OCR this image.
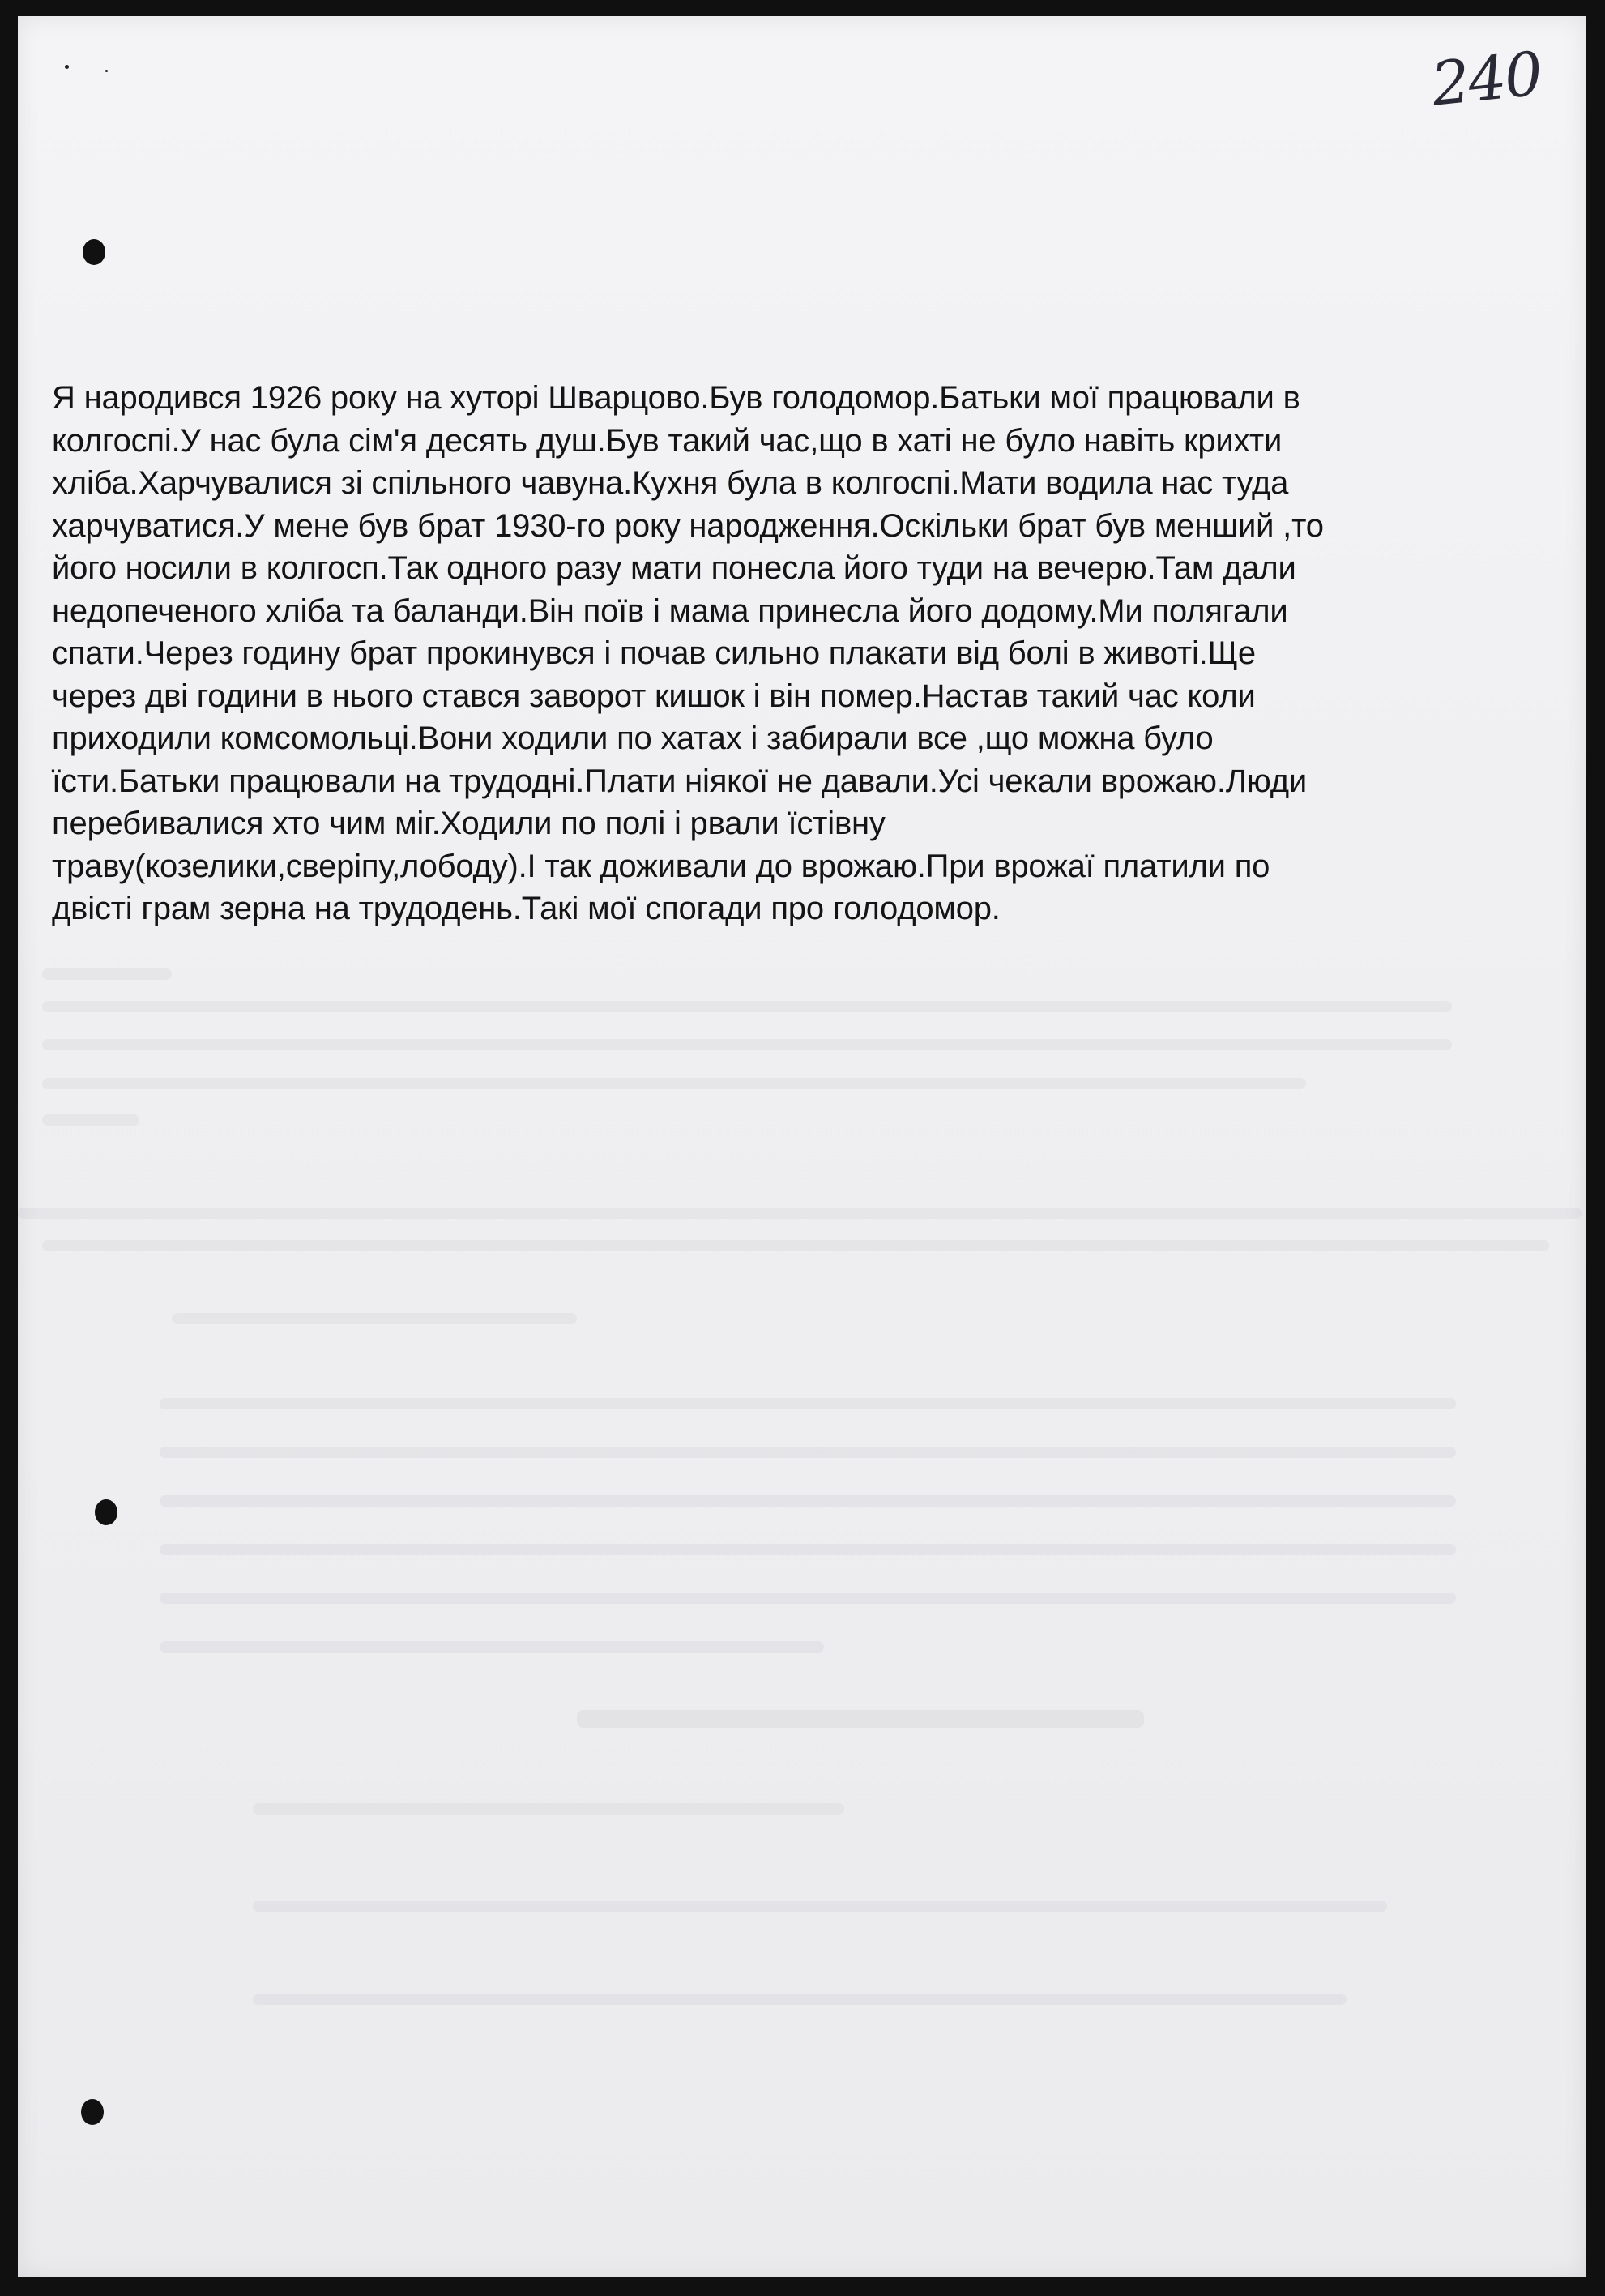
240

Я народився 1926 року на хуторі Шварцово.Був голодомор.Батьки мої працювали в
колгоспі.У нас була сім'я десять душ.Був такий час,що в хаті не було навіть крихти
хліба.Харчувалися зі спільного чавуна.Кухня була в колгоспі.Мати водила нас туда
харчуватися.У мене був брат 1930-го року народження.Оскільки брат був менший ,то
його носили в колгосп.Так одного разу мати понесла його туди на вечерю.Там дали
недопеченого хліба та баланди.Він поїв і мама принесла його додому.Ми полягали
спати.Через годину брат прокинувся і почав сильно плакати від болі в животі.Ще
через дві години в нього стався заворот кишок і він помер.Настав такий час коли
приходили комсомольці.Вони ходили по хатах і забирали все ,що можна було
їсти.Батьки працювали на трудодні.Плати ніякої не давали.Усі чекали врожаю.Люди
перебивалися хто чим міг.Ходили по полі і рвали їстівну
траву(козелики,сверіпу,лободу).І так доживали до врожаю.При врожаї платили по
двісті грам зерна на трудодень.Такі мої спогади про голодомор.
